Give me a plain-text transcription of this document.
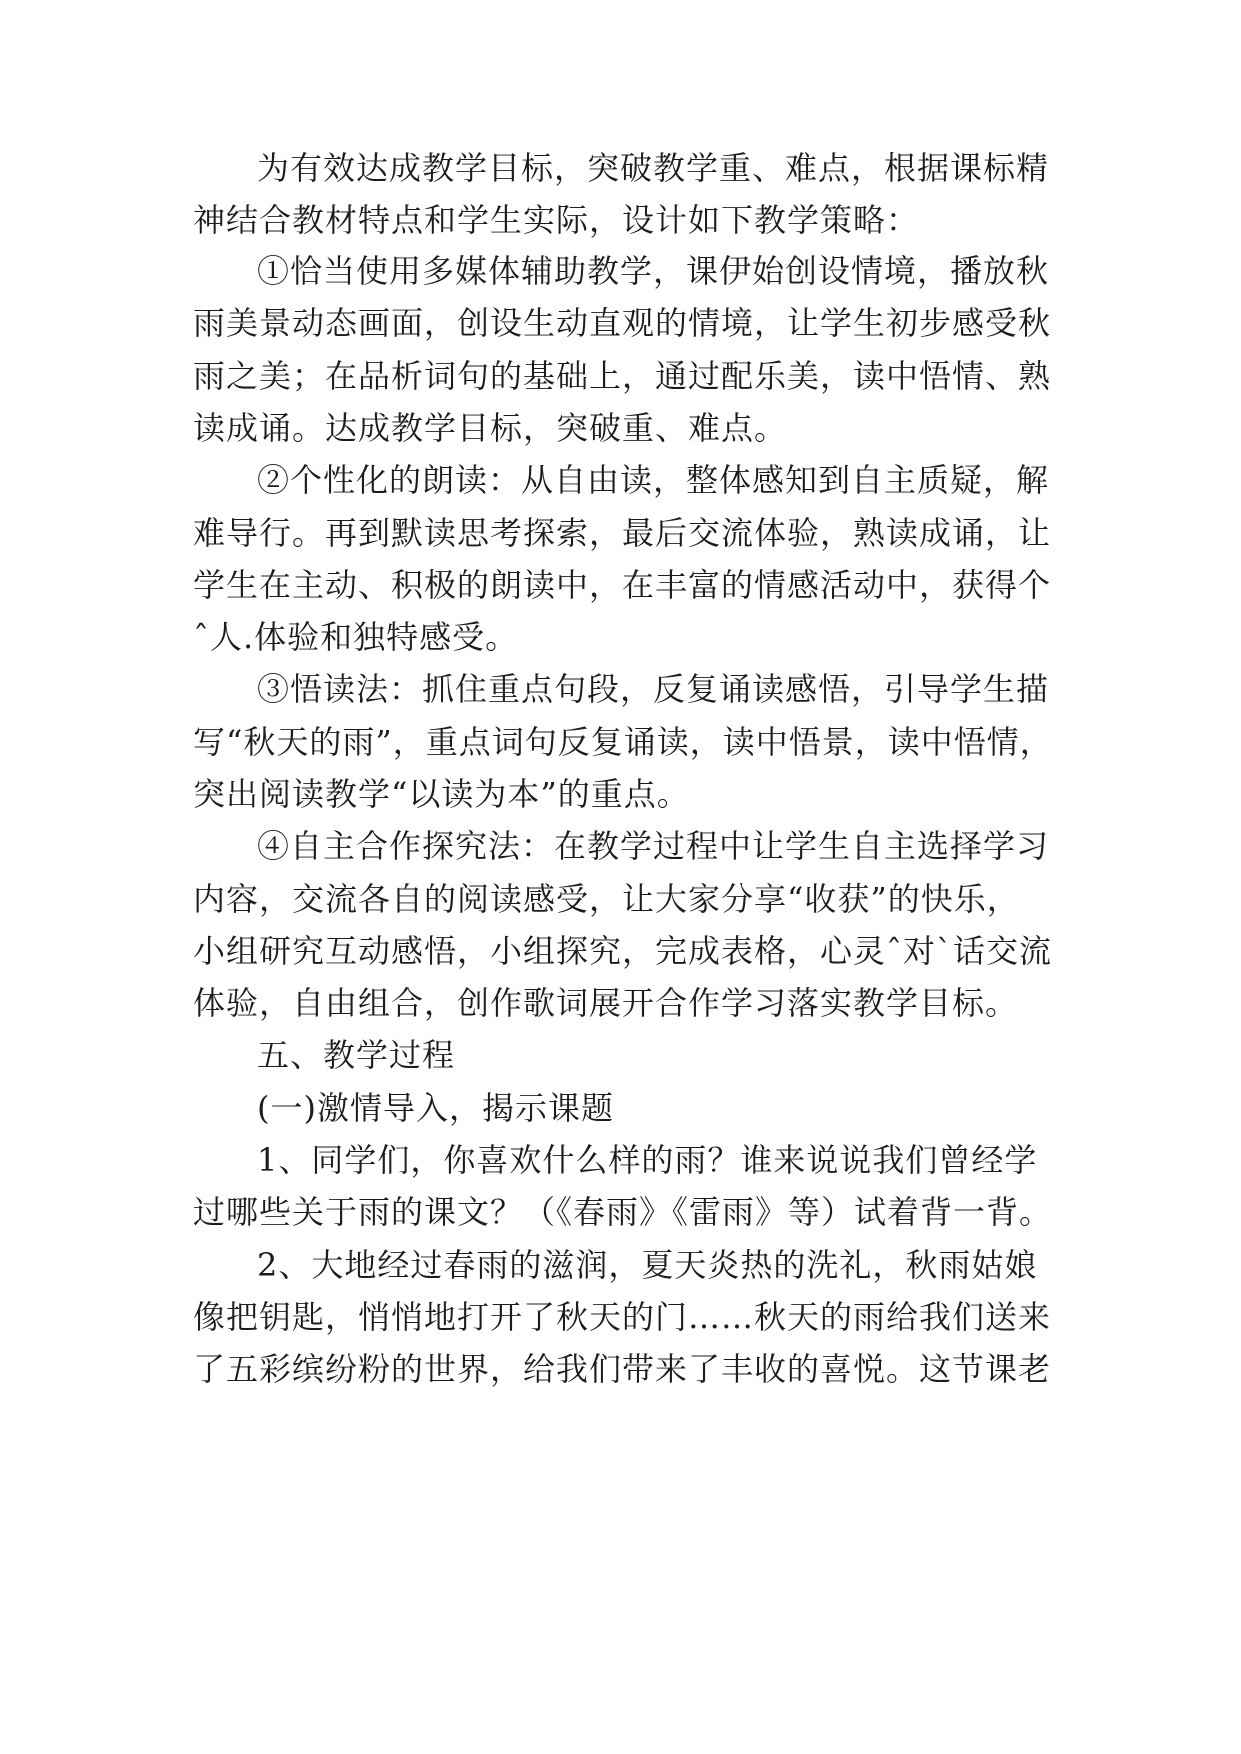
为有效达成教学目标，突破教学重、难点，根据课标精
神结合教材特点和学生实际，设计如下教学策略：
①恰当使用多媒体辅助教学，课伊始创设情境，播放秋
雨美景动态画面，创设生动直观的情境，让学生初步感受秋
雨之美；在品析词句的基础上，通过配乐美，读中悟情、熟
读成诵。达成教学目标，突破重、难点。
②个性化的朗读：从自由读，整体感知到自主质疑，解
难导行。再到默读思考探索，最后交流体验，熟读成诵，让
学生在主动、积极的朗读中，在丰富的情感活动中，获得个
ˆ人.体验和独特感受。
③悟读法：抓住重点句段，反复诵读感悟，引导学生描
写“秋天的雨”，重点词句反复诵读，读中悟景，读中悟情，
突出阅读教学“以读为本”的重点。
④自主合作探究法：在教学过程中让学生自主选择学习
内容，交流各自的阅读感受，让大家分享“收获”的快乐，
小组研究互动感悟，小组探究，完成表格，心灵ˆ对ˋ话交流
体验，自由组合，创作歌词展开合作学习落实教学目标。
五、教学过程
(一)激情导入，揭示课题
1、同学们，你喜欢什么样的雨？谁来说说我们曾经学
过哪些关于雨的课文？（《春雨》《雷雨》等）试着背一背。
2、大地经过春雨的滋润，夏天炎热的洗礼，秋雨姑娘
像把钥匙，悄悄地打开了秋天的门……秋天的雨给我们送来
了五彩缤纷粉的世界，给我们带来了丰收的喜悦。这节课老
